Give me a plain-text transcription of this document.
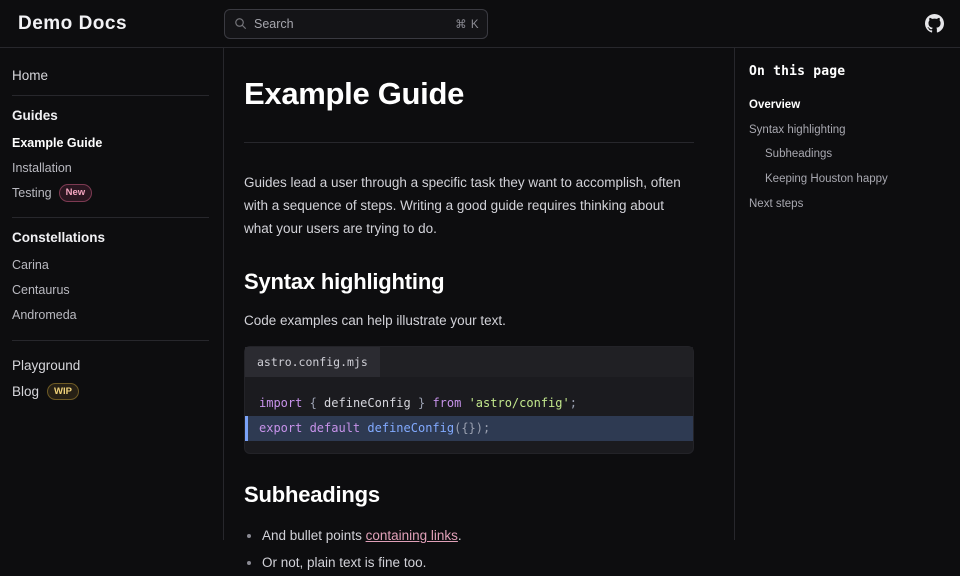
Demo Docs	Search	⌘ K
Home
Guides
Example Guide
Installation
Testing	New
Constellations
Carina
Centaurus
Andromeda
Playground
Blog	WIP
Example Guide

Guides lead a user through a specific task they want to accomplish, often with a sequence of steps. Writing a good guide requires thinking about what your users are trying to do.

Syntax highlighting

Code examples can help illustrate your text.

astro.config.mjs
import { defineConfig } from 'astro/config';
export default defineConfig({});
Subheadings
• And bullet points containing links.
• Or not, plain text is fine too.
On this page
Overview
Syntax highlighting
Subheadings
Keeping Houston happy
Next steps
